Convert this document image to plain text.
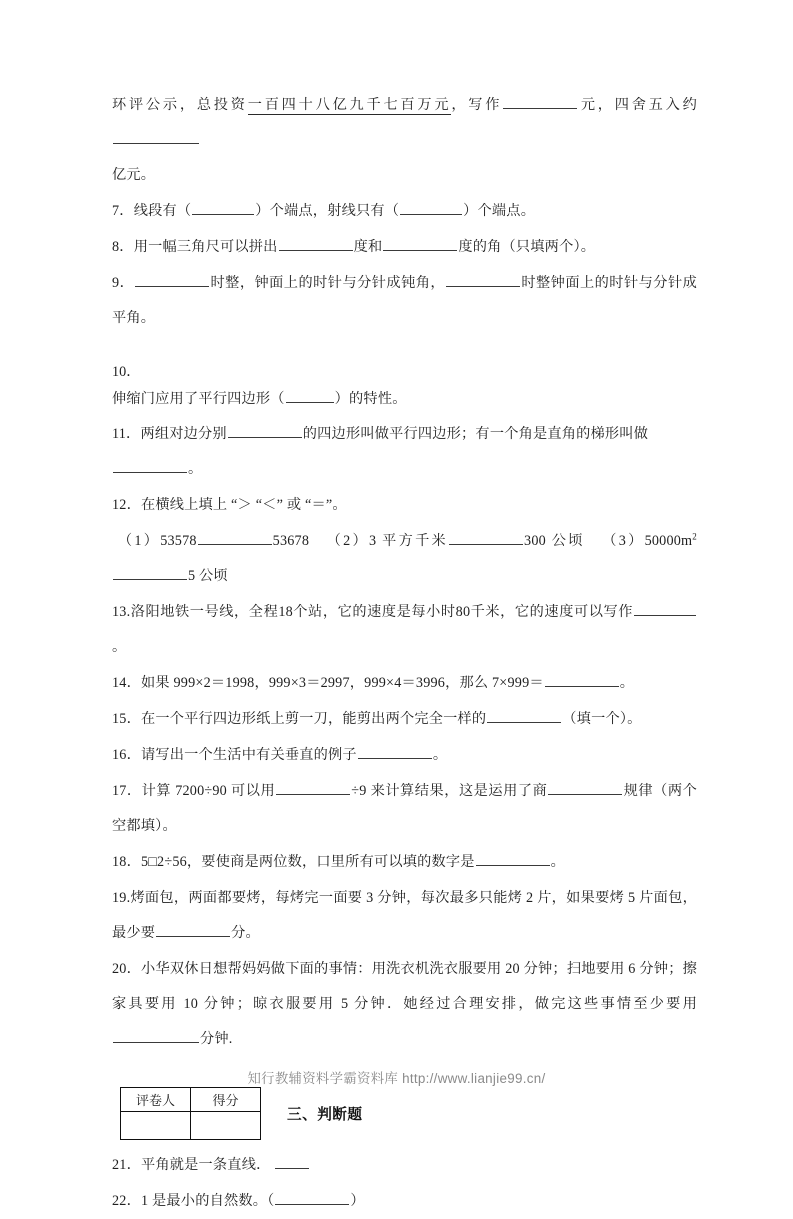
环评公示，总投资一百四十八亿九千七百万元，写作	元，四舍五入约
亿元。

7．线段有（	）个端点，射线只有（	）个端点。

8．用一幅三角尺可以拼出	度和	度的角（只填两个）。

9．	时整，钟面上的时针与分针成钝角，	时整钟面上的时针与分针成平角。

10．

伸缩门应用了平行四边形（	）的特性。

11．两组对边分别	的四边形叫做平行四边形；有一个角是直角的梯形叫做
。

12．在横线上填上 “＞ “＜” 或 “＝”。

（1）53578	53678 （2）3 平方千米	300 公顷 $(3)50000m^25$ 公顷

13.洛阳地铁一号线，全程18个站，它的速度是每小时80千米，它的速度可以写作。

14．如果 999×2＝1998，999×3＝2997，999×4＝3996，那么 7×999＝	。

15．在一个平行四边形纸上剪一刀，能剪出两个完全一样的	（填一个）。

16．请写出一个生活中有关垂直的例子	。

17．计算 7200÷90 可以用	÷9 来计算结果，这是运用了商	规律（两个空都填）。

18．5□2÷56，要使商是两位数，口里所有可以填的数字是	。

19.烤面包，两面都要烤，每烤完一面要 3 分钟，每次最多只能烤 2 片，如果要烤 5 片面包，最少要	分。

20．小华双休日想帮妈妈做下面的事情：用洗衣机洗衣服要用 20 分钟；扫地要用 6 分钟；擦家具要用 10 分钟；晾衣服要用 5 分钟．她经过合理安排，做完这些事情至少要用分钟.

评卷人	得分

三、判断题

21．平角就是一条直线．

22．1 是最小的自然数。（	）

知行教辅资料学霸资料库 http://www.lianjie99.cn/
